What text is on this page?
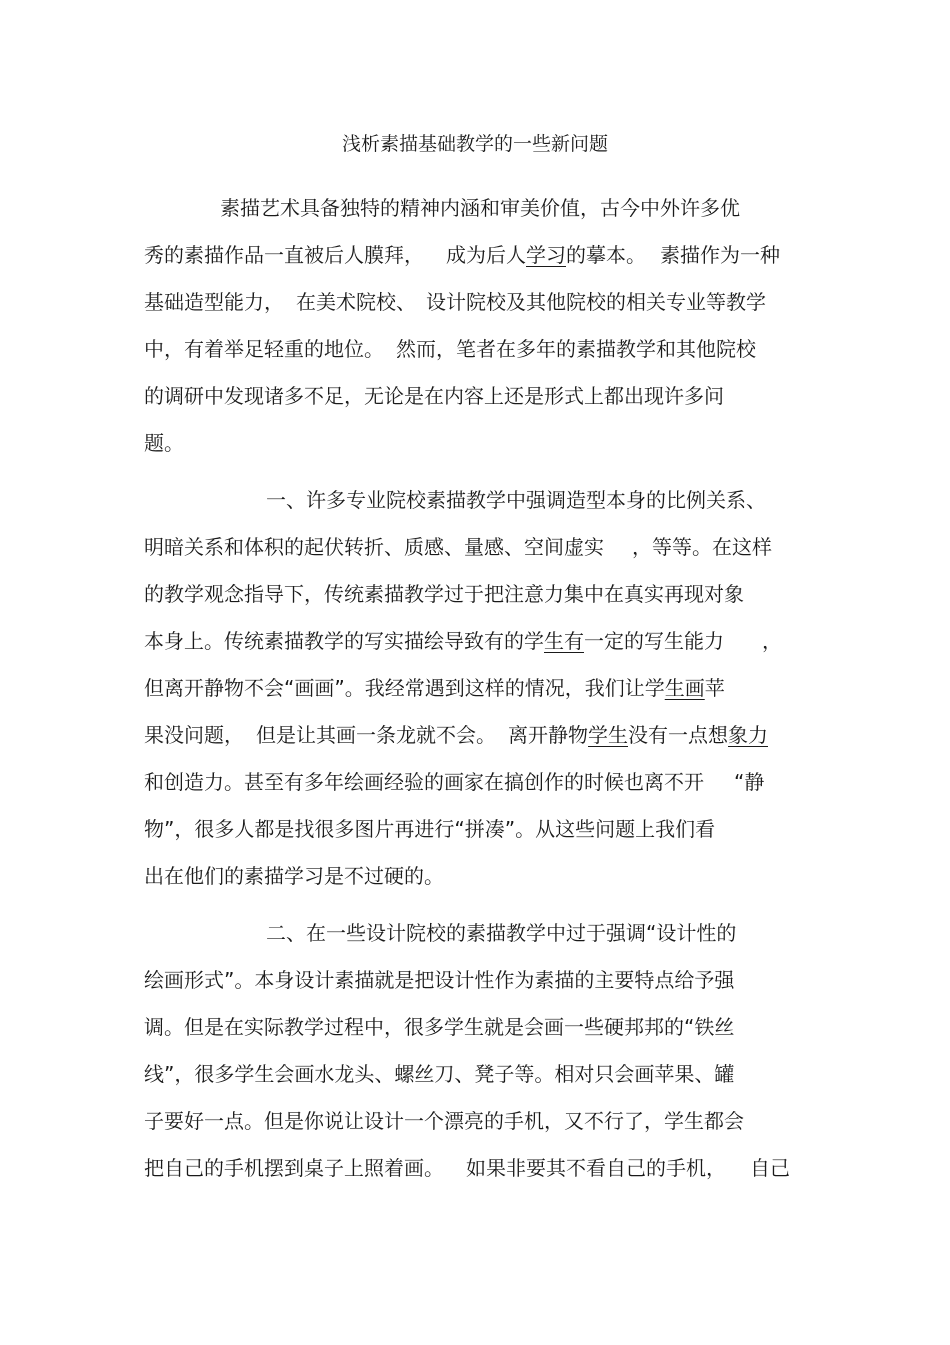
浅析素描基础教学的一些新问题
素描艺术具备独特的精神内涵和审美价值，古今中外许多优
秀的素描作品一直被后人膜拜， 成为后人学习的摹本。 素描作为一种
基础造型能力， 在美术院校、 设计院校及其他院校的相关专业等教学
中，有着举足轻重的地位。 然而，笔者在多年的素描教学和其他院校
的调研中发现诸多不足，无论是在内容上还是形式上都出现许多问
题。
一、许多专业院校素描教学中强调造型本身的比例关系、
明暗关系和体积的起伏转折、质感、量感、空间虚实 ，等等。在这样
的教学观念指导下，传统素描教学过于把注意力集中在真实再现对象
本身上。传统素描教学的写实描绘导致有的学生有一定的写生能力 ，
但离开静物不会“画画”。我经常遇到这样的情况，我们让学生画苹
果没问题， 但是让其画一条龙就不会。 离开静物学生没有一点想象力
和创造力。甚至有多年绘画经验的画家在搞创作的时候也离不开 “静
物”，很多人都是找很多图片再进行“拼凑”。从这些问题上我们看
出在他们的素描学习是不过硬的。
二、在一些设计院校的素描教学中过于强调“设计性的
绘画形式”。本身设计素描就是把设计性作为素描的主要特点给予强
调。但是在实际教学过程中，很多学生就是会画一些硬邦邦的“铁丝
线”，很多学生会画水龙头、螺丝刀、凳子等。相对只会画苹果、罐
子要好一点。但是你说让设计一个漂亮的手机，又不行了，学生都会
把自己的手机摆到桌子上照着画。 如果非要其不看自己的手机， 自己
